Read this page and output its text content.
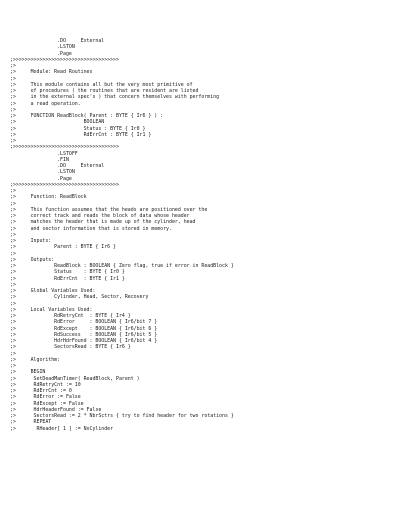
.DO     External
.LSTON
.Page
;>>>>>>>>>>>>>>>>>>>>>>>>>>>>>>>>>>>>
;>
;>     Module: Read Routines
;>
;>     This module contains all but the very most primitive of
;>     of procedures ( the routines that are resident are listed
;>     in the external spec's ) that concern themselves with performing
;>     a read operation.
;>
;>     FUNCTION ReadBlock( Parent : BYTE { Ir6 } ) :
;>                       BOOLEAN
;>                       Status : BYTE { Ir0 }
;>                       RdErrCnt : BYTE { Ir1 }
;>
;>>>>>>>>>>>>>>>>>>>>>>>>>>>>>>>>>>>>
.LSTOFF
.FIN
.DO     External
.LSTON
.Page
;>>>>>>>>>>>>>>>>>>>>>>>>>>>>>>>>>>>>
;>
;>     Function: ReadBlock
;>
;>     This function assumes that the heads are positioned over the
;>     correct track and reads the block of data whose header
;>     matches the header that is made up of the cylinder, head
;>     and sector information that is stored in memory.
;>
;>     Inputs:
;>             Parent : BYTE { Ir6 }
;>
;>     Outputs:
;>             ReadBlock : BOOLEAN { Zero flag, true if error in ReadBlock }
;>             Status    : BYTE { Ir0 }
;>             RdErrCnt  : BYTE { Ir1 }
;>
;>     Global Variables Used:
;>             Cylinder, Head, Sector, Recovery
;>
;>     Local Variables Used:
;>             RdRetryCnt  : BYTE { Ir4 }
;>             RdError     : BOOLEAN { Ir6/bit 7 }
;>             RdExcept    : BOOLEAN { Ir6/bit 6 }
;>             RdSuccess   : BOOLEAN { Ir6/bit 5 }
;>             HdrHdrFound : BOOLEAN { Ir6/bit 4 }
;>             SectorsRead : BYTE { Ir6 }
;>
;>     Algorithm:
;>
;>     BEGIN
;>      SetDeadManTimer( ReadBlock, Parent )
;>      RdRetryCnt := 10
;>      RdErrCnt := 0
;>      RdError := False
;>      RdExcept := False
;>      HdrHeaderFound := False
;>      SectorsRead := 2 * NbrSctrs { try to find header for two rotations }
;>      REPEAT
;>       RHeader[ 1 ] := NxCylinder
